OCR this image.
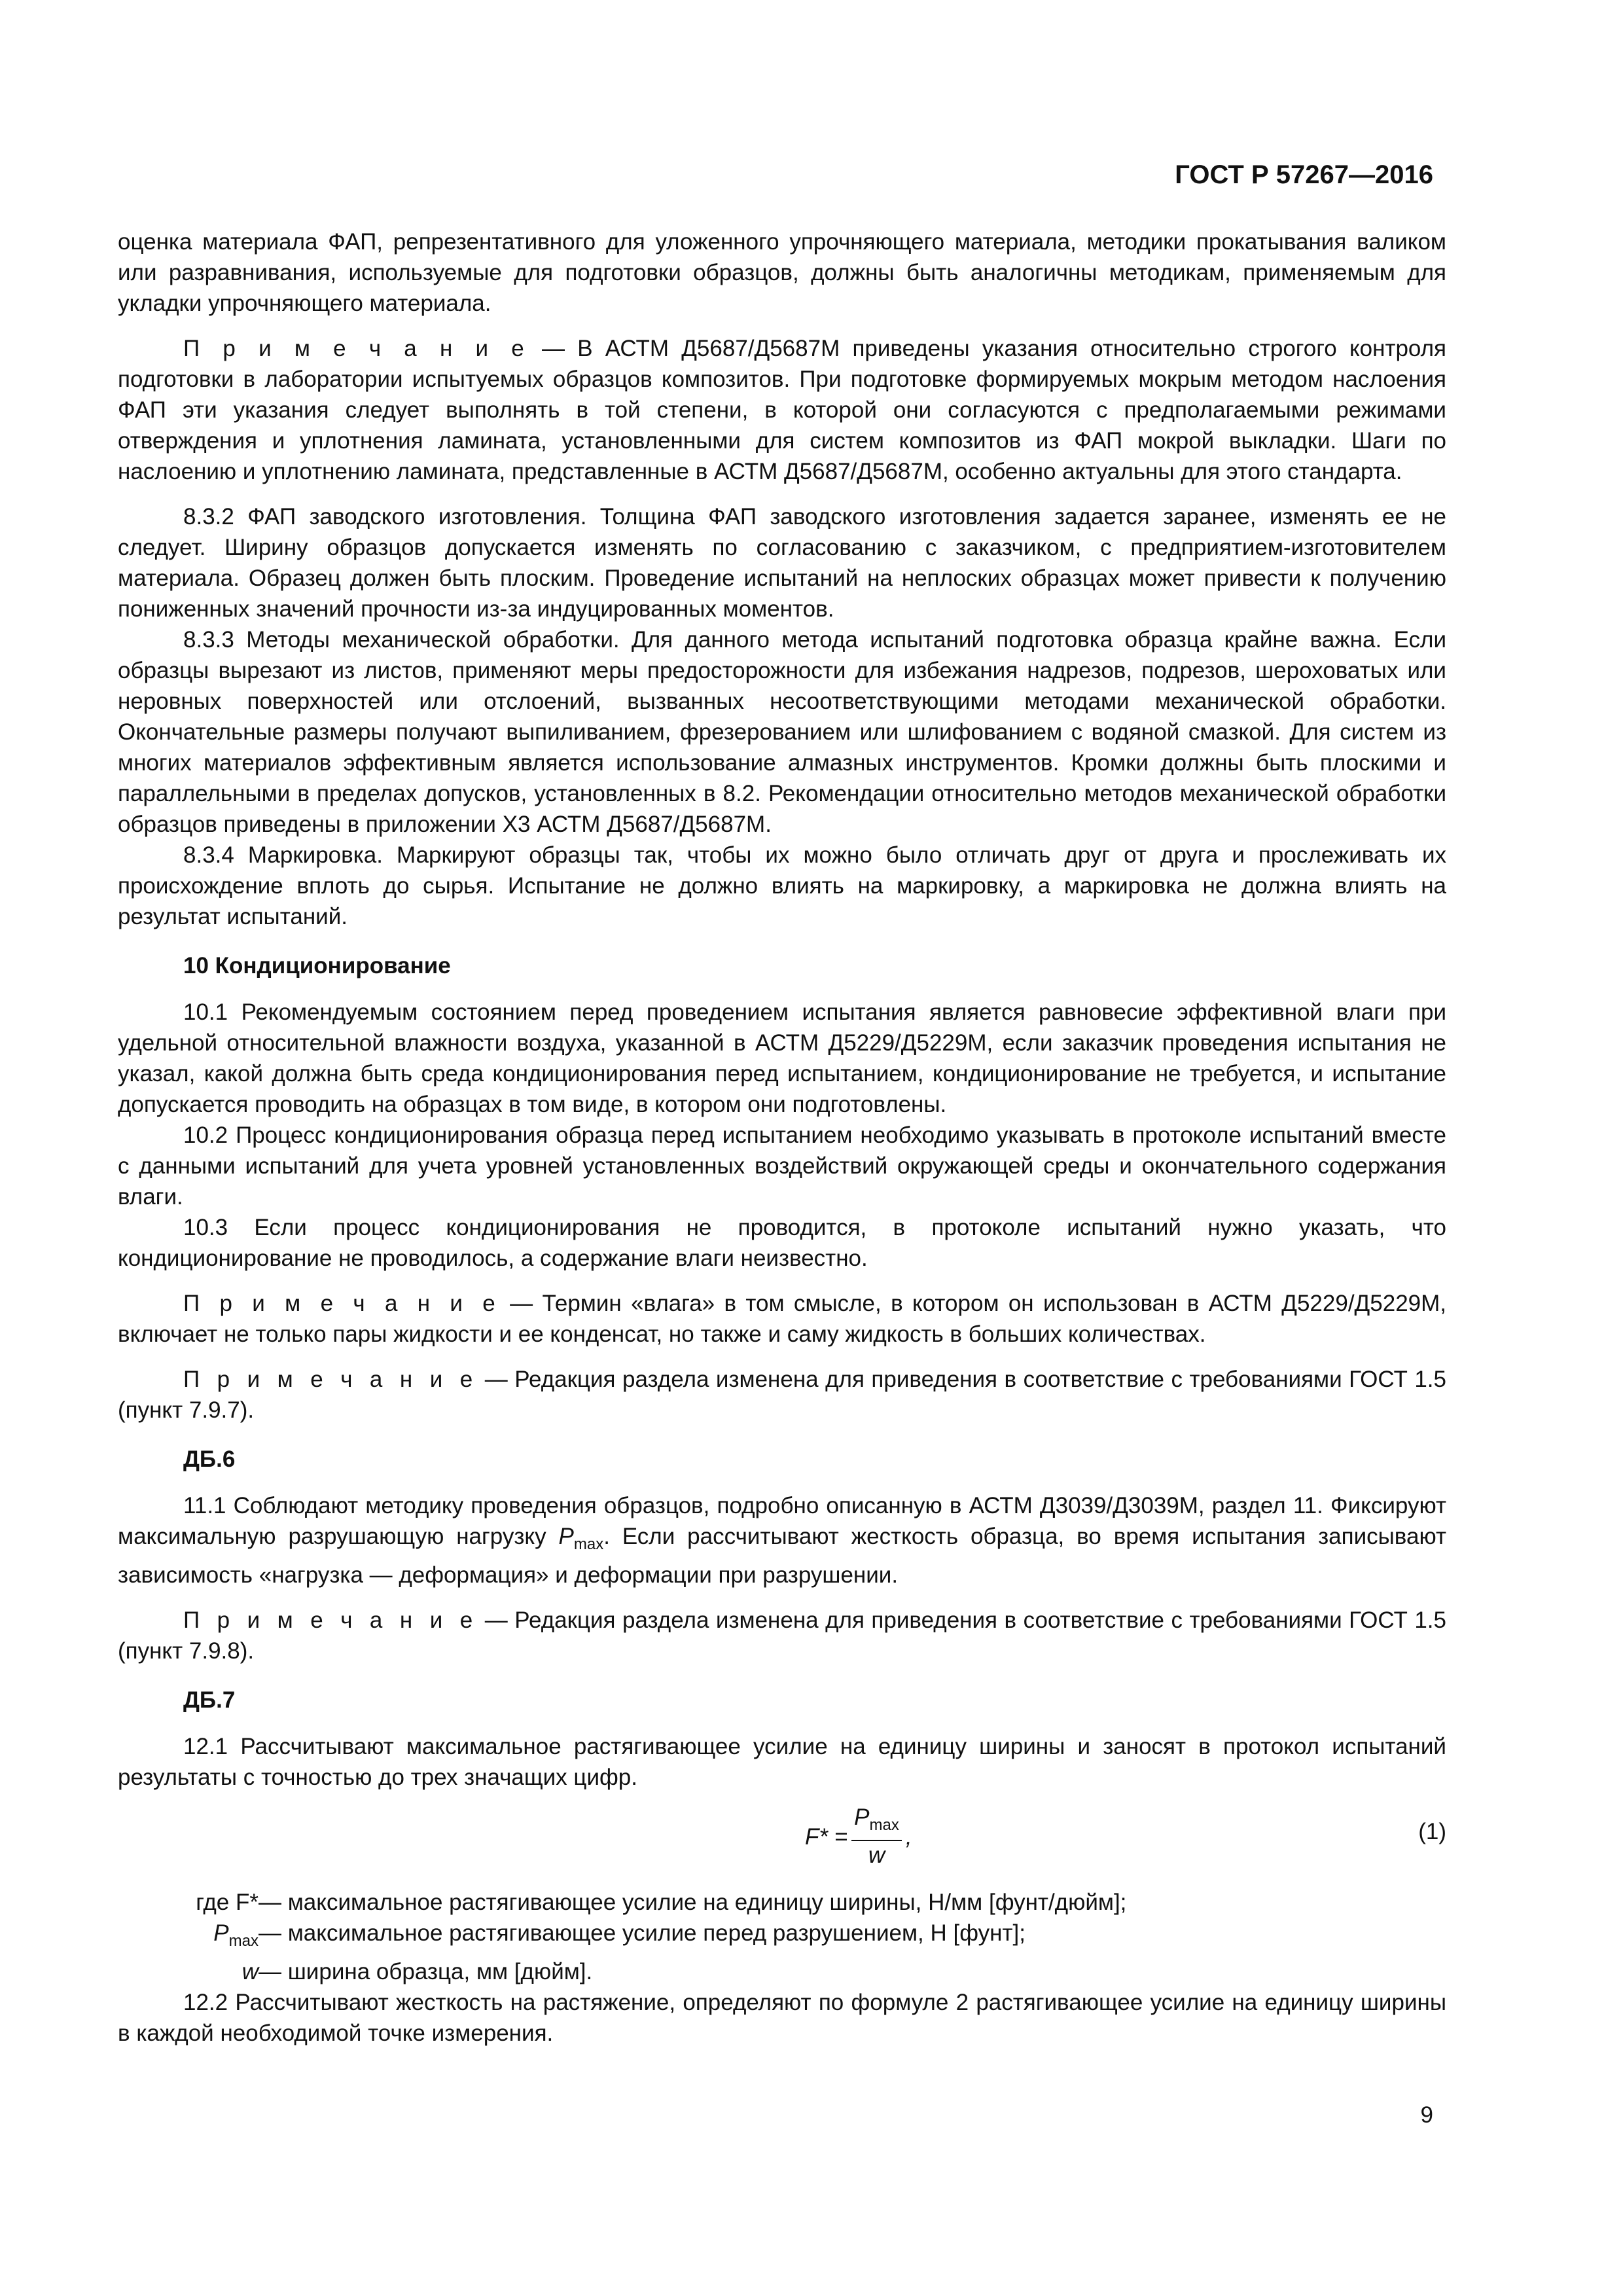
ГОСТ Р 57267—2016

оценка материала ФАП, репрезентативного для уложенного упрочняющего материала, методики прокатывания валиком или разравнивания, используемые для подготовки образцов, должны быть аналогичны методикам, применяемым для укладки упрочняющего материала.

П р и м е ч а н и е — В АСТМ Д5687/Д5687М приведены указания относительно строгого контроля подготовки в лаборатории испытуемых образцов композитов. При подготовке формируемых мокрым методом наслоения ФАП эти указания следует выполнять в той степени, в которой они согласуются с предполагаемыми режимами отверждения и уплотнения ламината, установленными для систем композитов из ФАП мокрой выкладки. Шаги по наслоению и уплотнению ламината, представленные в АСТМ Д5687/Д5687М, особенно актуальны для этого стандарта.

8.3.2 ФАП заводского изготовления. Толщина ФАП заводского изготовления задается заранее, изменять ее не следует. Ширину образцов допускается изменять по согласованию с заказчиком, с предприятием-изготовителем материала. Образец должен быть плоским. Проведение испытаний на неплоских образцах может привести к получению пониженных значений прочности из-за индуцированных моментов.

8.3.3 Методы механической обработки. Для данного метода испытаний подготовка образца крайне важна. Если образцы вырезают из листов, применяют меры предосторожности для избежания надрезов, подрезов, шероховатых или неровных поверхностей или отслоений, вызванных несоответствующими методами механической обработки. Окончательные размеры получают выпиливанием, фрезерованием или шлифованием с водяной смазкой. Для систем из многих материалов эффективным является использование алмазных инструментов. Кромки должны быть плоскими и параллельными в пределах допусков, установленных в 8.2. Рекомендации относительно методов механической обработки образцов приведены в приложении Х3 АСТМ Д5687/Д5687М.

8.3.4 Маркировка. Маркируют образцы так, чтобы их можно было отличать друг от друга и прослеживать их происхождение вплоть до сырья. Испытание не должно влиять на маркировку, а маркировка не должна влиять на результат испытаний.

10 Кондиционирование

10.1 Рекомендуемым состоянием перед проведением испытания является равновесие эффективной влаги при удельной относительной влажности воздуха, указанной в АСТМ Д5229/Д5229М, если заказчик проведения испытания не указал, какой должна быть среда кондиционирования перед испытанием, кондиционирование не требуется, и испытание допускается проводить на образцах в том виде, в котором они подготовлены.

10.2 Процесс кондиционирования образца перед испытанием необходимо указывать в протоколе испытаний вместе с данными испытаний для учета уровней установленных воздействий окружающей среды и окончательного содержания влаги.

10.3 Если процесс кондиционирования не проводится, в протоколе испытаний нужно указать, что кондиционирование не проводилось, а содержание влаги неизвестно.

П р и м е ч а н и е — Термин «влага» в том смысле, в котором он использован в АСТМ Д5229/Д5229М, включает не только пары жидкости и ее конденсат, но также и саму жидкость в больших количествах.

П р и м е ч а н и е — Редакция раздела изменена для приведения в соответствие с требованиями ГОСТ 1.5 (пункт 7.9.7).

ДБ.6

11.1 Соблюдают методику проведения образцов, подробно описанную в АСТМ Д3039/Д3039М, раздел 11. Фиксируют максимальную разрушающую нагрузку $P_{max}$. Если рассчитывают жесткость образца, во время испытания записывают зависимость «нагрузка — деформация» и деформации при разрушении.

П р и м е ч а н и е — Редакция раздела изменена для приведения в соответствие с требованиями ГОСТ 1.5 (пункт 7.9.8).

ДБ.7

12.1 Рассчитывают максимальное растягивающее усилие на единицу ширины и заносят в протокол испытаний результаты с точностью до трех значащих цифр.

$F* = \frac{P_{max}}{w}$ ,	(1)
где F* — максимальное растягивающее усилие на единицу ширины, Н/мм [фунт/дюйм];
$P_{max}$ — максимальное растягивающее усилие перед разрушением, Н [фунт];
w — ширина образца, мм [дюйм].

12.2 Рассчитывают жесткость на растяжение, определяют по формуле 2 растягивающее усилие на единицу ширины в каждой необходимой точке измерения.

9
